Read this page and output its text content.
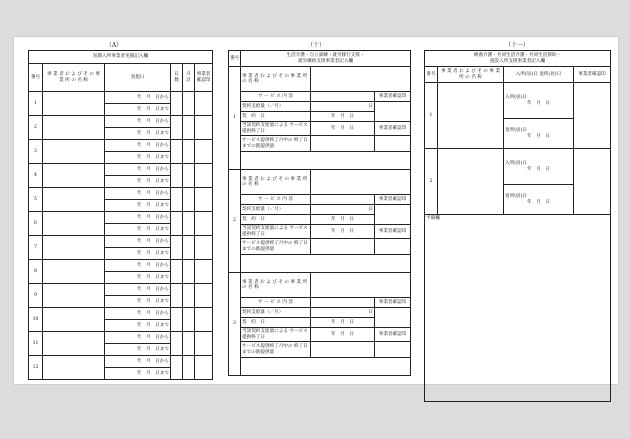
（A）
短期入所事業者実績記入欄					
番号	事 業 者 お よ び そ の 事 業 所 の 名 称	実施日	日数	月計	事業者確認印
1		年　月　日から			
		年　月　日まで			
2		年　月　日から			
		年　月　日まで			
3		年　月　日から			
		年　月　日まで			
4		年　月　日から			
		年　月　日まで			
5		年　月　日から			
		年　月　日まで			
6		年　月　日から			
		年　月　日まで			
7		年　月　日から			
		年　月　日まで			
8		年　月　日から			
		年　月　日まで			
9		年　月　日から			
		年　月　日まで			
10		年　月　日から			
		年　月　日まで			
11		年　月　日から			
		年　月　日まで			
12		年　月　日から			
		年　月　日まで			
（十）
番号	生活介護・自立訓練・就労移行支援・
就労継続支援事業者記入欄		

1	事 業 者 お よ び そ の 事 業 所 の 名 称		
	サ ー ビ ス 内 容		事業者確認印
	契約支給量（／月）	日	
	契　約　日	年　月　日	
	当該契約支給量による サービス提供終了日	年　月　日	事業者確認印
	サービス提供終了月中の 終了日までの既提供量		

2	事 業 者 お よ び そ の 事 業 所 の 名 称		
	サ ー ビ ス 内 容		事業者確認印
	契約支給量（／月）	日	
	契　約　日	年　月　日	
	当該契約支給量による サービス提供終了日	年　月　日	事業者確認印
	サービス提供終了月中の 終了日までの既提供量		

3	事 業 者 お よ び そ の 事 業 所 の 名 称		
	サ ー ビ ス 内 容		事業者確認印
	契約支給量（／月）	日	
	契　約　日	年　月　日	
	当該契約支給量による サービス提供終了日	年　月　日	事業者確認印
	サービス提供終了月中の 終了日までの既提供量		

（十一）
療養介護・共同生活介護・共同生活援助・
施設入所支援事業者記入欄			

番号	事 業 者 お よ び そ の 事 業 所 の 名 称	入所(居)日 退所(居)日	事業者確認印
1		入所(居)日
年　月　日	

		退所(居)日
年　月　日	

2		入所(居)日
年　月　日	

		退所(居)日
年　月　日	

予備欄			
